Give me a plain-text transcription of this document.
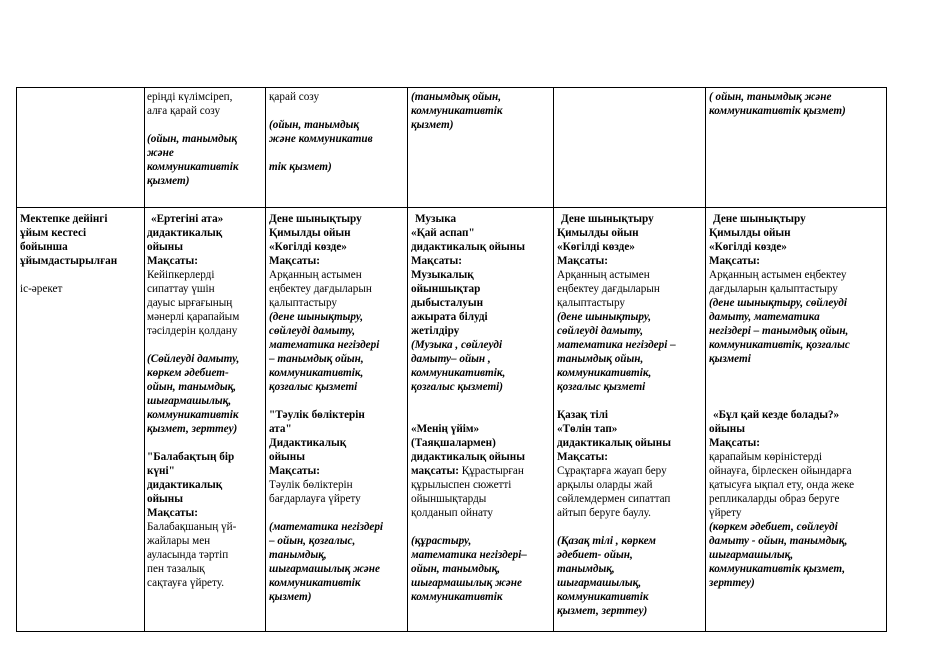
еріңді күлімсіреп,

алға қарай созу

(ойын, танымдық

және

коммуникативтік

қызмет)

қарай созу

(ойын, танымдық

және коммуникатив

тік қызмет)

(танымдық ойын,

коммуникативтік

қызмет)

( ойын, танымдық және

коммуникативтік қызмет)

Мектепке дейінгі

ұйым кестесі

бойынша

ұйымдастырылған

іс-әрекет

«Ертегіні ата»

дидактикалық

ойыны

Мақсаты:

Кейіпкерлерді

сипаттау үшін

дауыс ырғағының

мәнерлі қарапайым

тәсілдерін қолдану

(Сөйлеуді дамыту,

көркем әдебиет-

ойын, танымдық,

шығармашылық,

коммуникативтік

қызмет, зерттеу)

"Балабақтың бір

күні"

дидактикалық

ойыны

Мақсаты:

Балабақшаның үй-

жайлары мен

ауласында тәртіп

пен тазалық

сақтауға үйрету.

Дене шынықтыру

Қимылды ойын

«Көгілді көзде»

Мақсаты:

Арқанның астымен

еңбектеу дағдыларын

қалыптастыру

(дене шынықтыру,

сөйлеуді дамыту,

математика негіздері

– танымдық ойын,

коммуникативтік,

қозғалыс қызметі

"Тәулік бөліктерін

ата"

Дидактикалық

ойыны

Мақсаты:

Тәулік бөліктерін

бағдарлауға үйрету

(математика негіздері

– ойын, қозғалыс,

танымдық,

шығармашылық және

коммуникативтік

қызмет)

Музыка

«Қай аспап"

дидактикалық ойыны

Мақсаты:

Музыкалық

ойыншықтар

дыбысталуын

ажырата білуді

жетілдіру

(Музыка , сөйлеуді

дамыту– ойын ,

коммуникативтік,

қозғалыс қызметі)

«Менің үйім»

(Таяқшалармен)

дидактикалық ойыны

мақсаты: Құрастырған

құрылыспен сюжетті

ойыншықтарды

қолданып ойнату

(құрастыру,

математика негіздері–

ойын, танымдық,

шығармашылық және

коммуникативтік

Дене шынықтыру

Қимылды ойын

«Көгілді көзде»

Мақсаты:

Арқанның астымен

еңбектеу дағдыларын

қалыптастыру

(дене шынықтыру,

сөйлеуді дамыту,

математика негіздері –

танымдық ойын,

коммуникативтік,

қозғалыс қызметі

Қазақ тілі

«Төлін тап»

дидактикалық ойыны

Мақсаты:

Сұрақтарға жауап беру

арқылы оларды жай

сөйлемдермен сипаттап

айтып беруге баулу.

(Қазақ тілі , көркем

әдебиет- ойын,

танымдық,

шығармашылық,

коммуникативтік

қызмет, зерттеу)

Дене шынықтыру

Қимылды ойын

«Көгілді көзде»

Мақсаты:

Арқанның астымен еңбектеу

дағдыларын қалыптастыру

(дене шынықтыру, сөйлеуді

дамыту, математика

негіздері – танымдық ойын,

коммуникативтік, қозғалыс

қызметі

«Бұл қай кезде болады?»

ойыны

Мақсаты:

қарапайым көріністерді

ойнауға, бірлескен ойындарға

қатысуға ықпал ету, онда жеке

репликаларды образ беруге

үйрету

(көркем әдебиет, сөйлеуді

дамыту - ойын, танымдық,

шығармашылық,

коммуникативтік қызмет,

зерттеу)
